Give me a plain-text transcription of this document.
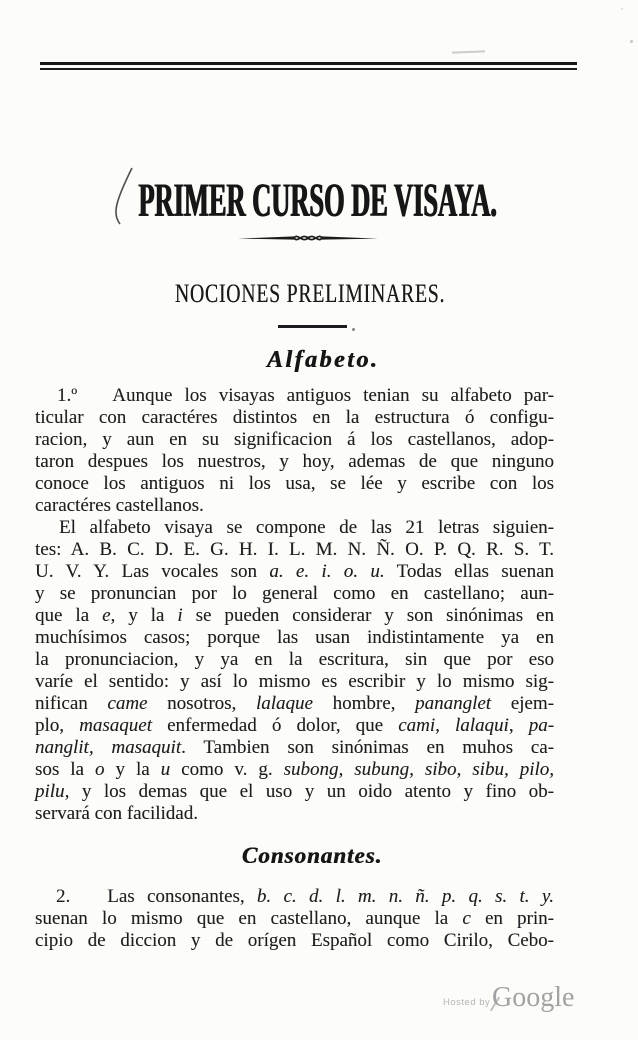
PRIMER CURSO DE VISAYA.
NOCIONES PRELIMINARES.
Alfabeto.
1.º   Aunque los visayas antiguos tenian su alfabeto par-
ticular con caractéres distintos en la estructura ó configu-
racion, y aun en su significacion á los castellanos, adop-
taron despues los nuestros, y hoy, ademas de que ninguno
conoce los antiguos ni los usa, se lée y escribe con los
caractéres castellanos.
El alfabeto visaya se compone de las 21 letras siguien-
tes: A. B. C. D. E. G. H. I. L. M. N. Ñ. O. P. Q. R. S. T.
U. V. Y. Las vocales son a. e. i. o. u. Todas ellas suenan
y se pronuncian por lo general como en castellano; aun-
que la e, y la i se pueden considerar y son sinónimas en
muchísimos casos; porque las usan indistintamente ya en
la pronunciacion, y ya en la escritura, sin que por eso
varíe el sentido: y así lo mismo es escribir y lo mismo sig-
nifican came nosotros, lalaque hombre, pananglet ejem-
plo, masaquet enfermedad ó dolor, que cami, lalaqui, pa-
nanglit, masaquit. Tambien son sinónimas en muhos ca-
sos la o y la u como v. g. subong, subung, sibo, sibu, pilo,
pilu, y los demas que el uso y un oido atento y fino ob-
servará con facilidad.
Consonantes.
2.   Las consonantes, b. c. d. l. m. n. ñ. p. q. s. t. y.
suenan lo mismo que en castellano, aunque la c en prin-
cipio de diccion y de orígen Español como Cirilo, Cebo-
Hosted by Google
